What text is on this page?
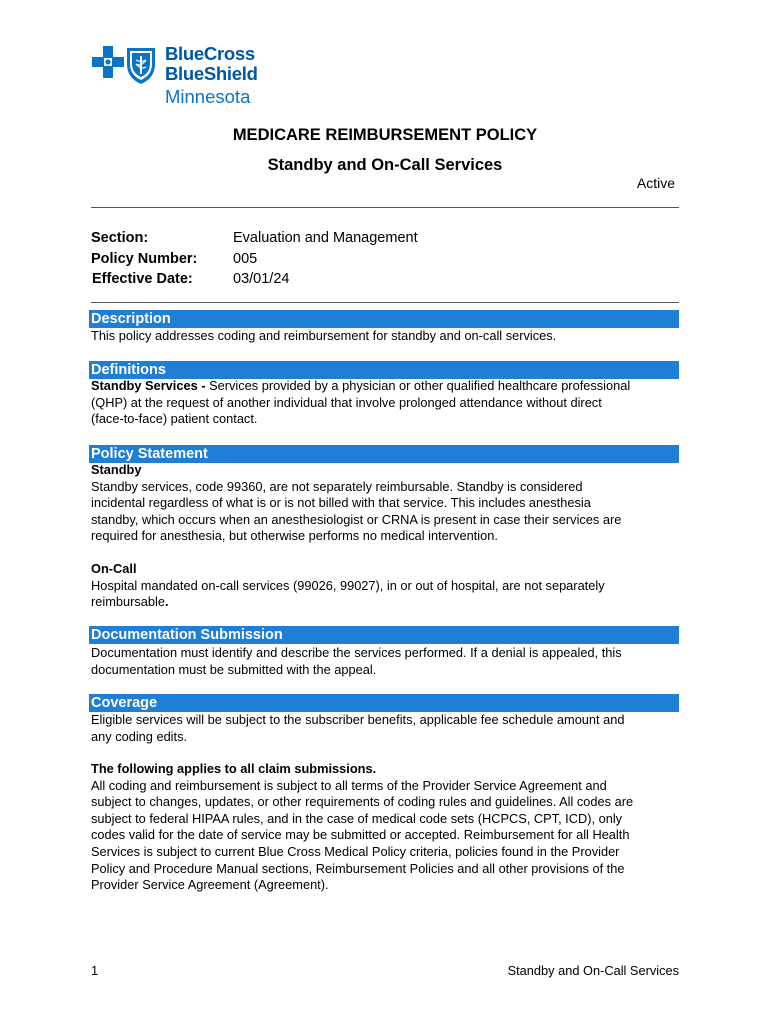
BlueCross
BlueShield
Minnesota
MEDICARE REIMBURSEMENT POLICY
Standby and On-Call Services
Active
Section:	Evaluation and Management
Policy Number:	005
Effective Date:	03/01/24
Description
This policy addresses coding and reimbursement for standby and on-call services.
Definitions
Standby Services - Services provided by a physician or other qualified healthcare professional
(QHP) at the request of another individual that involve prolonged attendance without direct
(face-to-face) patient contact.
Policy Statement
Standby
Standby services, code 99360, are not separately reimbursable. Standby is considered
incidental regardless of what is or is not billed with that service. This includes anesthesia
standby, which occurs when an anesthesiologist or CRNA is present in case their services are
required for anesthesia, but otherwise performs no medical intervention.
On-Call
Hospital mandated on-call services (99026, 99027), in or out of hospital, are not separately
reimbursable.
Documentation Submission
Documentation must identify and describe the services performed. If a denial is appealed, this
documentation must be submitted with the appeal.
Coverage
Eligible services will be subject to the subscriber benefits, applicable fee schedule amount and
any coding edits.
The following applies to all claim submissions.
All coding and reimbursement is subject to all terms of the Provider Service Agreement and
subject to changes, updates, or other requirements of coding rules and guidelines. All codes are
subject to federal HIPAA rules, and in the case of medical code sets (HCPCS, CPT, ICD), only
codes valid for the date of service may be submitted or accepted. Reimbursement for all Health
Services is subject to current Blue Cross Medical Policy criteria, policies found in the Provider
Policy and Procedure Manual sections, Reimbursement Policies and all other provisions of the
Provider Service Agreement (Agreement).
1	Standby and On-Call Services
